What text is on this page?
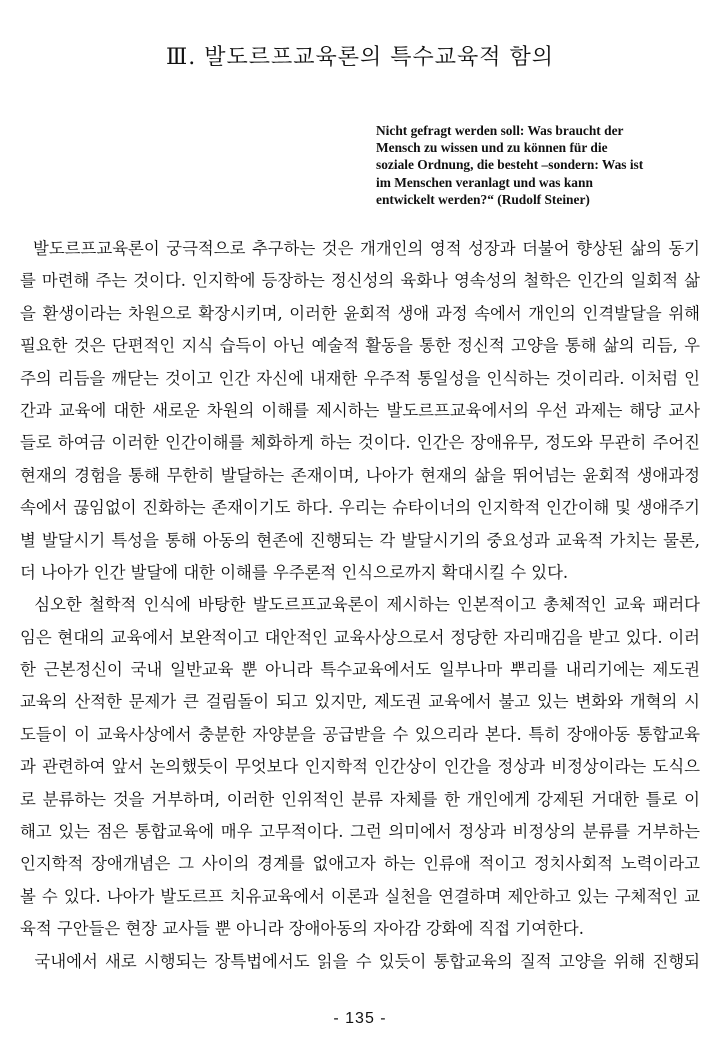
Ⅲ. 발도르프교육론의 특수교육적 함의
Nicht gefragt werden soll: Was braucht der
Mensch zu wissen und zu können für die
soziale Ordnung, die besteht –sondern: Was ist
im Menschen veranlagt und was kann
entwickelt werden?“ (Rudolf Steiner)
발도르프교육론이 궁극적으로 추구하는 것은 개개인의 영적 성장과 더불어 향상된 삶의 동기
를 마련해 주는 것이다. 인지학에 등장하는 정신성의 육화나 영속성의 철학은 인간의 일회적 삶
을 환생이라는 차원으로 확장시키며, 이러한 윤회적 생애 과정 속에서 개인의 인격발달을 위해
필요한 것은 단편적인 지식 습득이 아닌 예술적 활동을 통한 정신적 고양을 통해 삶의 리듬, 우
주의 리듬을 깨닫는 것이고 인간 자신에 내재한 우주적 통일성을 인식하는 것이리라. 이처럼 인
간과 교육에 대한 새로운 차원의 이해를 제시하는 발도르프교육에서의 우선 과제는 해당 교사
들로 하여금 이러한 인간이해를 체화하게 하는 것이다. 인간은 장애유무, 정도와 무관히 주어진
현재의 경험을 통해 무한히 발달하는 존재이며, 나아가 현재의 삶을 뛰어넘는 윤회적 생애과정
속에서 끊임없이 진화하는 존재이기도 하다. 우리는 슈타이너의 인지학적 인간이해 및 생애주기
별 발달시기 특성을 통해 아동의 현존에 진행되는 각 발달시기의 중요성과 교육적 가치는 물론,
더 나아가 인간 발달에 대한 이해를 우주론적 인식으로까지 확대시킬 수 있다.
심오한 철학적 인식에 바탕한 발도르프교육론이 제시하는 인본적이고 총체적인 교육 패러다
임은 현대의 교육에서 보완적이고 대안적인 교육사상으로서 정당한 자리매김을 받고 있다. 이러
한 근본정신이 국내 일반교육 뿐 아니라 특수교육에서도 일부나마 뿌리를 내리기에는 제도권
교육의 산적한 문제가 큰 걸림돌이 되고 있지만, 제도권 교육에서 불고 있는 변화와 개혁의 시
도들이 이 교육사상에서 충분한 자양분을 공급받을 수 있으리라 본다. 특히 장애아동 통합교육
과 관련하여 앞서 논의했듯이 무엇보다 인지학적 인간상이 인간을 정상과 비정상이라는 도식으
로 분류하는 것을 거부하며, 이러한 인위적인 분류 자체를 한 개인에게 강제된 거대한 틀로 이
해고 있는 점은 통합교육에 매우 고무적이다. 그런 의미에서 정상과 비정상의 분류를 거부하는
인지학적 장애개념은 그 사이의 경계를 없애고자 하는 인류애 적이고 정치사회적 노력이라고
볼 수 있다. 나아가 발도르프 치유교육에서 이론과 실천을 연결하며 제안하고 있는 구체적인 교
육적 구안들은 현장 교사들 뿐 아니라 장애아동의 자아감 강화에 직접 기여한다.
국내에서 새로 시행되는 장특법에서도 읽을 수 있듯이 통합교육의 질적 고양을 위해 진행되
- 135 -
